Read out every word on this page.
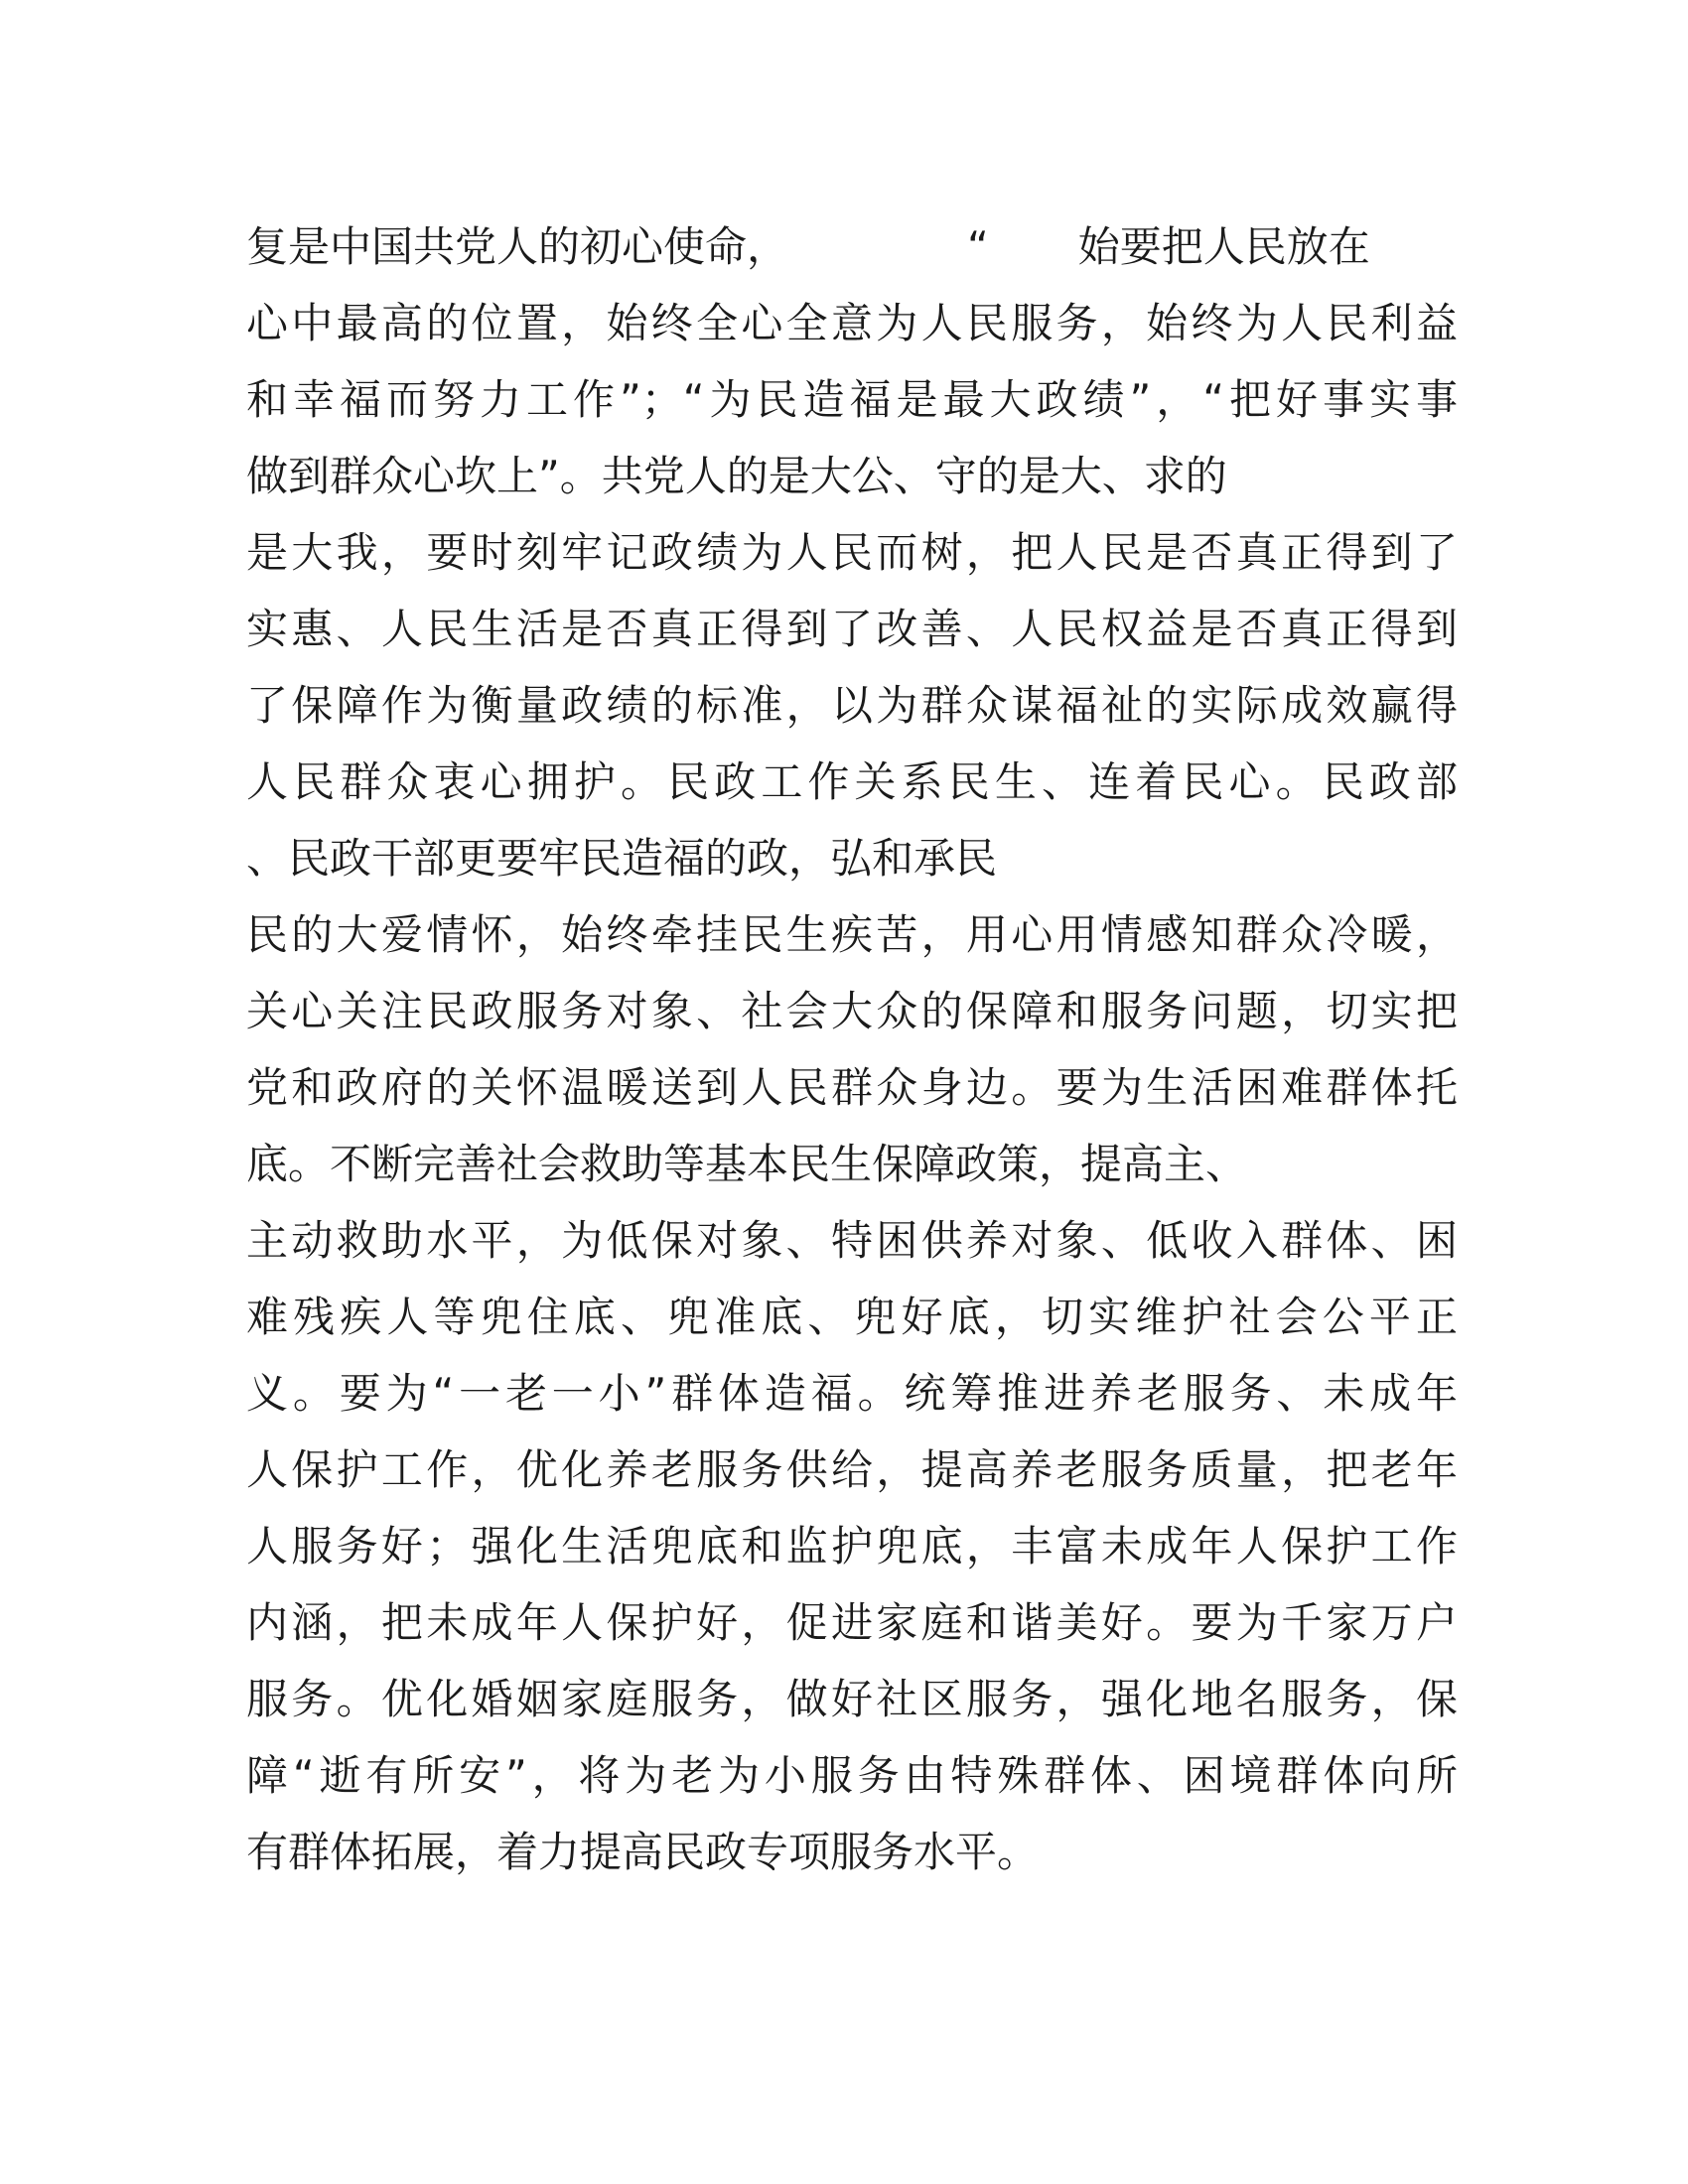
复是中国共党人的初心使命，	“ 始要把人民放在
心中最高的位置，始终全心全意为人民服务，始终为人民利益
和幸福而努力工作”；“为民造福是最大政绩”，“把好事实事
做到群众心坎上”。共党人的是大公、守的是大、求的
是大我，要时刻牢记政绩为人民而树，把人民是否真正得到了
实惠、人民生活是否真正得到了改善、人民权益是否真正得到
了保障作为衡量政绩的标准，以为群众谋福祉的实际成效赢得
人民群众衷心拥护。民政工作关系民生、连着民心。民政部
、民政干部更要牢民造福的政，弘和承民
民的大爱情怀，始终牵挂民生疾苦，用心用情感知群众冷暖，
关心关注民政服务对象、社会大众的保障和服务问题，切实把
党和政府的关怀温暖送到人民群众身边。要为生活困难群体托
底。不断完善社会救助等基本民生保障政策，提高主、
主动救助水平，为低保对象、特困供养对象、低收入群体、困
难残疾人等兜住底、兜准底、兜好底，切实维护社会公平正
义。要为“一老一小”群体造福。统筹推进养老服务、未成年
人保护工作，优化养老服务供给，提高养老服务质量，把老年
人服务好；强化生活兜底和监护兜底，丰富未成年人保护工作
内涵，把未成年人保护好，促进家庭和谐美好。要为千家万户
服务。优化婚姻家庭服务，做好社区服务，强化地名服务，保
障“逝有所安”，将为老为小服务由特殊群体、困境群体向所
有群体拓展，着力提高民政专项服务水平。
